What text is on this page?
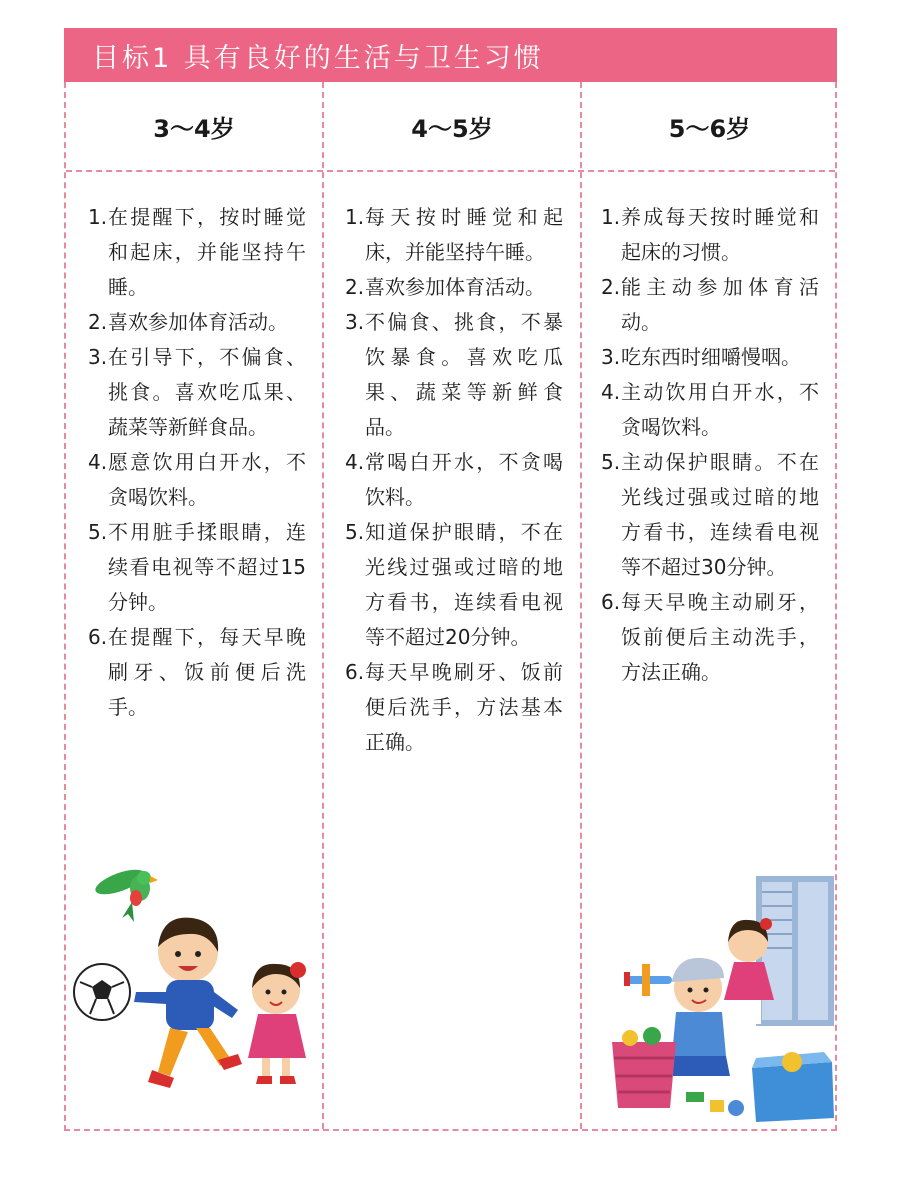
目标1 具有良好的生活与卫生习惯
3～4岁	4～5岁	5～6岁
1. 在提醒下，按时睡觉和起床，并能坚持午睡。
2. 喜欢参加体育活动。
3. 在引导下，不偏食、挑食。喜欢吃瓜果、蔬菜等新鲜食品。
4. 愿意饮用白开水，不贪喝饮料。
5. 不用脏手揉眼睛，连续看电视等不超过15分钟。
6. 在提醒下，每天早晚刷牙、饭前便后洗手。
1. 每天按时睡觉和起床，并能坚持午睡。
2. 喜欢参加体育活动。
3. 不偏食、挑食，不暴饮暴食。喜欢吃瓜果、蔬菜等新鲜食品。
4. 常喝白开水，不贪喝饮料。
5. 知道保护眼睛，不在光线过强或过暗的地方看书，连续看电视等不超过20分钟。
6. 每天早晚刷牙、饭前便后洗手，方法基本正确。
1. 养成每天按时睡觉和起床的习惯。
2. 能主动参加体育活动。
3. 吃东西时细嚼慢咽。
4. 主动饮用白开水，不贪喝饮料。
5. 主动保护眼睛。不在光线过强或过暗的地方看书，连续看电视等不超过30分钟。
6. 每天早晚主动刷牙，饭前便后主动洗手，方法正确。
